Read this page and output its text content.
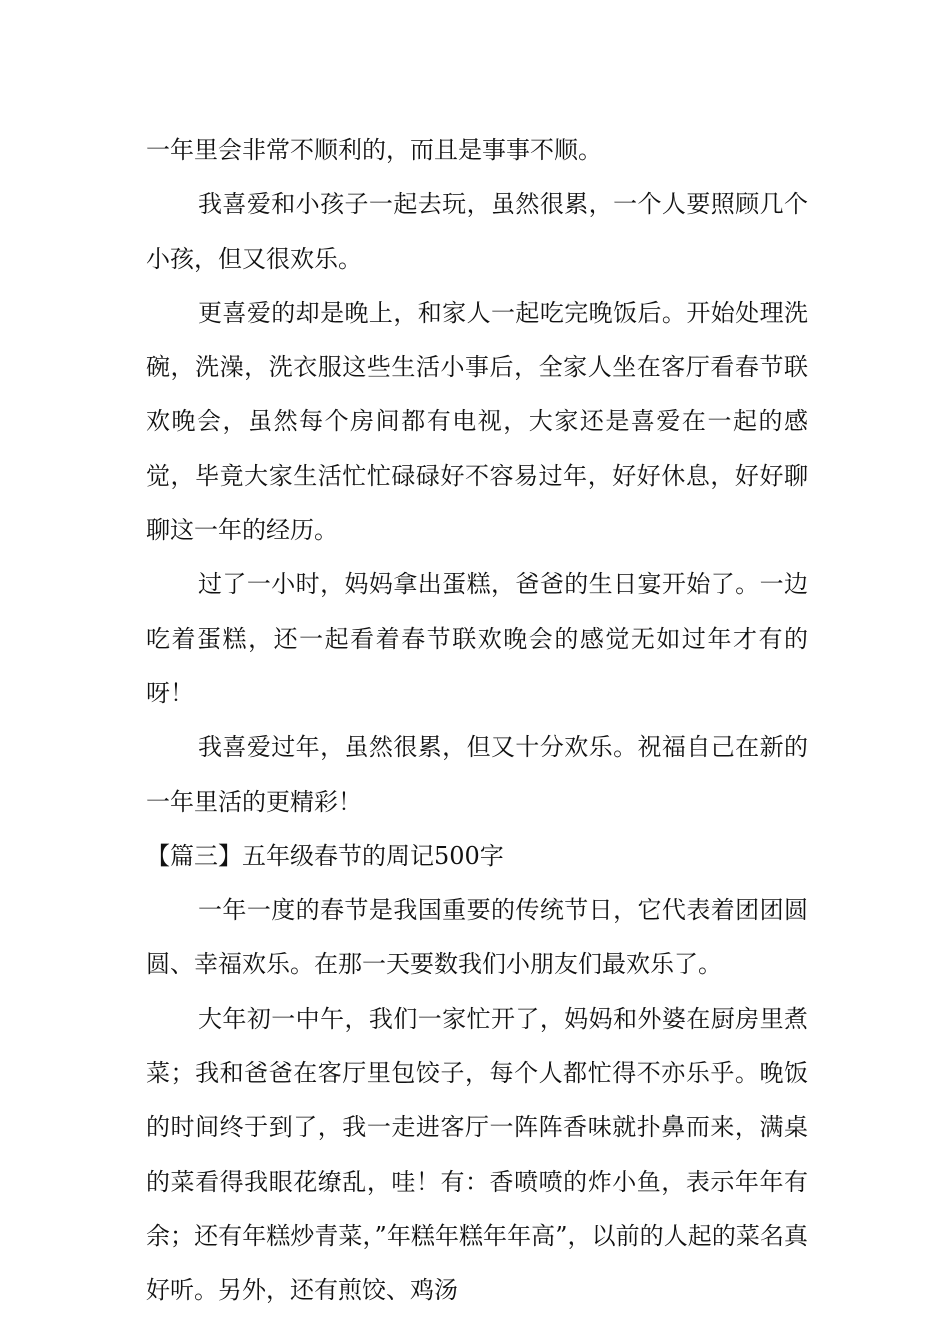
一年里会非常不顺利的，而且是事事不顺。

我喜爱和小孩子一起去玩，虽然很累，一个人要照顾几个小孩，但又很欢乐。

更喜爱的却是晚上，和家人一起吃完晚饭后。开始处理洗碗，洗澡，洗衣服这些生活小事后，全家人坐在客厅看春节联欢晚会，虽然每个房间都有电视，大家还是喜爱在一起的感觉，毕竟大家生活忙忙碌碌好不容易过年，好好休息，好好聊聊这一年的经历。

过了一小时，妈妈拿出蛋糕，爸爸的生日宴开始了。一边吃着蛋糕，还一起看着春节联欢晚会的感觉无如过年才有的呀！

我喜爱过年，虽然很累，但又十分欢乐。祝福自己在新的一年里活的更精彩！

【篇三】五年级春节的周记500字

一年一度的春节是我国重要的传统节日，它代表着团团圆圆、幸福欢乐。在那一天要数我们小朋友们最欢乐了。

大年初一中午，我们一家忙开了，妈妈和外婆在厨房里煮菜；我和爸爸在客厅里包饺子，每个人都忙得不亦乐乎。晚饭的时间终于到了，我一走进客厅一阵阵香味就扑鼻而来，满桌的菜看得我眼花缭乱，哇！有：香喷喷的炸小鱼，表示年年有余；还有年糕炒青菜，”年糕年糕年年高”，以前的人起的菜名真好听。另外，还有煎饺、鸡汤
